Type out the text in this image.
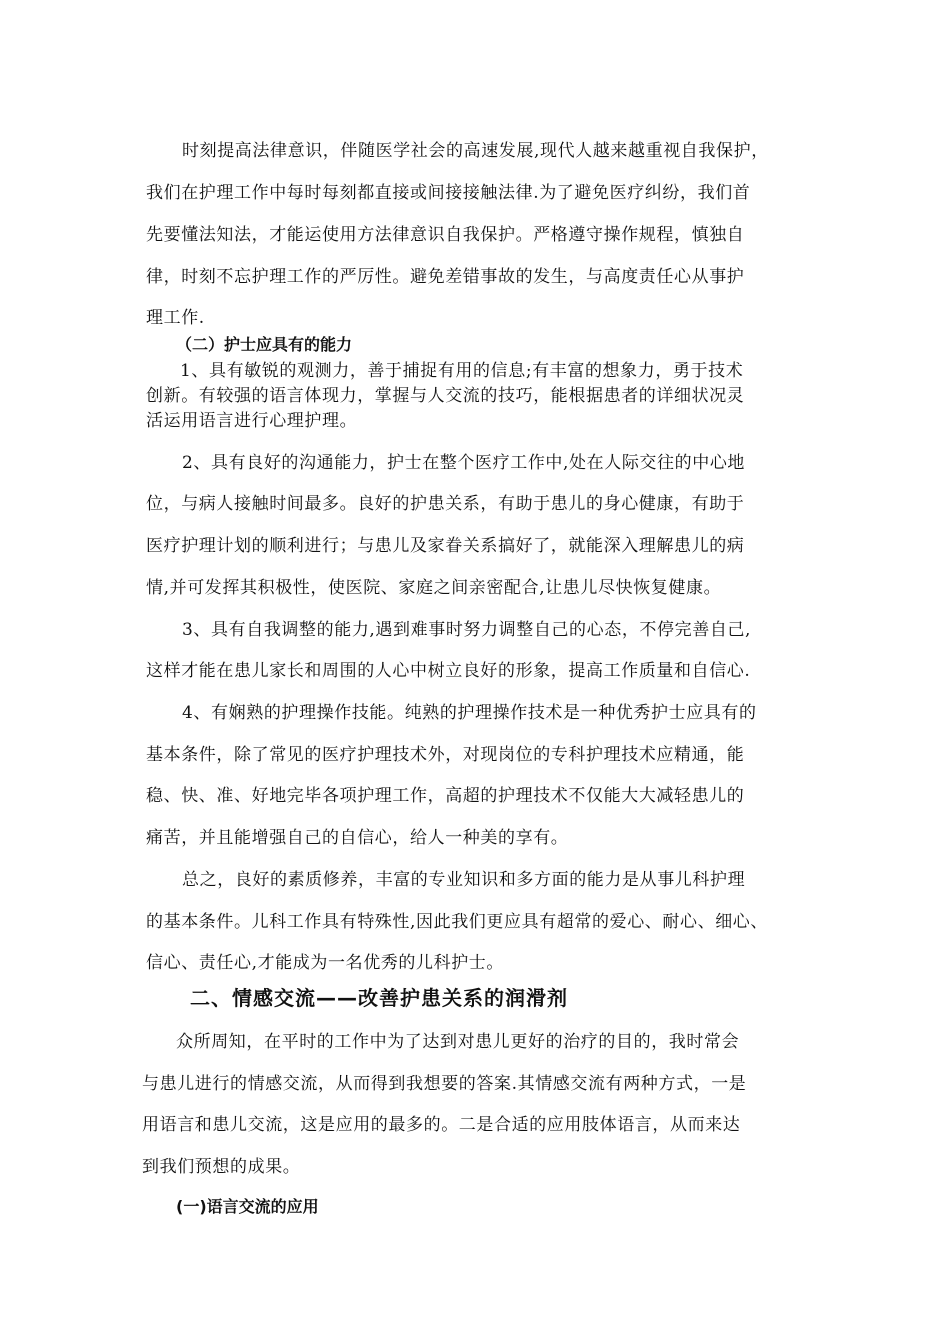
时刻提高法律意识，伴随医学社会的高速发展,现代人越来越重视自我保护，
我们在护理工作中每时每刻都直接或间接接触法律.为了避免医疗纠纷，我们首
先要懂法知法，才能运使用方法律意识自我保护。严格遵守操作规程，慎独自
律，时刻不忘护理工作的严厉性。避免差错事故的发生，与高度责任心从事护
理工作.
（二）护士应具有的能力
1、具有敏锐的观测力，善于捕捉有用的信息;有丰富的想象力，勇于技术
创新。有较强的语言体现力，掌握与人交流的技巧，能根据患者的详细状况灵
活运用语言进行心理护理。
2、具有良好的沟通能力，护士在整个医疗工作中,处在人际交往的中心地
位，与病人接触时间最多。良好的护患关系，有助于患儿的身心健康，有助于
医疗护理计划的顺利进行；与患儿及家眷关系搞好了，就能深入理解患儿的病
情,并可发挥其积极性，使医院、家庭之间亲密配合,让患儿尽快恢复健康。
3、具有自我调整的能力,遇到难事时努力调整自己的心态，不停完善自己,
这样才能在患儿家长和周围的人心中树立良好的形象，提高工作质量和自信心.
4、有娴熟的护理操作技能。纯熟的护理操作技术是一种优秀护士应具有的
基本条件，除了常见的医疗护理技术外，对现岗位的专科护理技术应精通，能
稳、快、准、好地完毕各项护理工作，高超的护理技术不仅能大大减轻患儿的
痛苦，并且能增强自己的自信心，给人一种美的享有。
总之，良好的素质修养，丰富的专业知识和多方面的能力是从事儿科护理
的基本条件。儿科工作具有特殊性,因此我们更应具有超常的爱心、耐心、细心、
信心、责任心,才能成为一名优秀的儿科护士。
二、情感交流——改善护患关系的润滑剂
众所周知，在平时的工作中为了达到对患儿更好的治疗的目的，我时常会
与患儿进行的情感交流，从而得到我想要的答案.其情感交流有两种方式，一是
用语言和患儿交流，这是应用的最多的。二是合适的应用肢体语言，从而来达
到我们预想的成果。
(一)语言交流的应用
